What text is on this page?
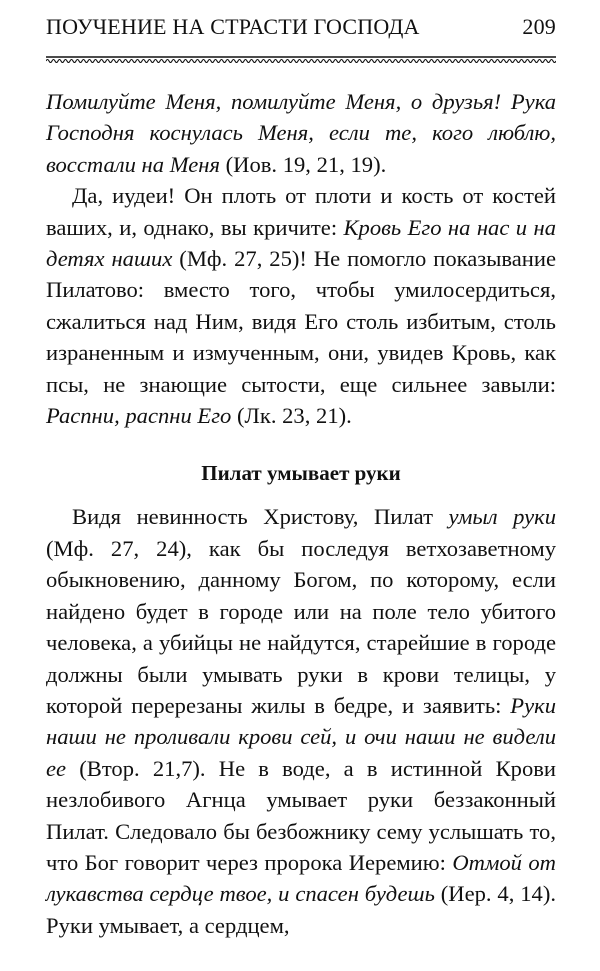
ПОУЧЕНИЕ НА СТРАСТИ ГОСПОДА	209

Помилуйте Меня, помилуйте Меня, о друзья! Рука Господня коснулась Меня, если те, кого люблю, восстали на Меня (Иов. 19, 21, 19).

Да, иудеи! Он плоть от плоти и кость от костей ваших, и, однако, вы кричите: Кровь Его на нас и на детях наших (Мф. 27, 25)! Не помогло показывание Пилатово: вместо того, чтобы умилосердиться, сжалиться над Ним, видя Его столь избитым, столь израненным и измученным, они, увидев Кровь, как псы, не знающие сытости, еще сильнее завыли: Распни, распни Его (Лк. 23, 21).

Пилат умывает руки

Видя невинность Христову, Пилат умыл руки (Мф. 27, 24), как бы последуя ветхозаветному обыкновению, данному Богом, по которому, если найдено будет в городе или на поле тело убитого человека, а убийцы не найдутся, старейшие в городе должны были умывать руки в крови телицы, у которой перерезаны жилы в бедре, и заявить: Руки наши не проливали крови сей, и очи наши не видели ее (Втор. 21,7). Не в воде, а в истинной Крови незлобивого Агнца умывает руки беззаконный Пилат. Следовало бы безбожнику сему услышать то, что Бог говорит через пророка Иеремию: Отмой от лукавства сердце твое, и спасен будешь (Иер. 4, 14). Руки умывает, а сердцем,
